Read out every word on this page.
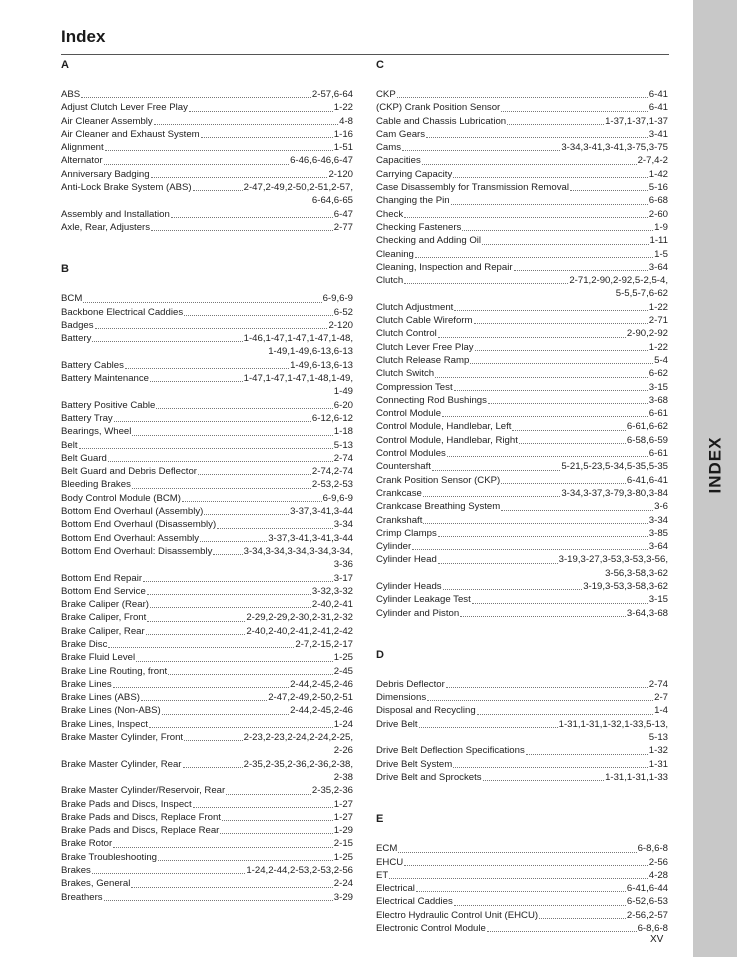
Index
A
ABS	2-57,6-64
Adjust Clutch Lever Free Play	1-22
Air Cleaner Assembly	4-8
Air Cleaner and Exhaust System	1-16
Alignment	1-51
Alternator	6-46,6-46,6-47
Anniversary Badging	2-120
Anti-Lock Brake System (ABS)	2-47,2-49,2-50,2-51,2-57,
6-64,6-65
Assembly and Installation	6-47
Axle, Rear, Adjusters	2-77
B
BCM	6-9,6-9
Backbone Electrical Caddies	6-52
Badges	2-120
Battery	1-46,1-47,1-47,1-47,1-48,
1-49,1-49,6-13,6-13
Battery Cables	1-49,6-13,6-13
Battery Maintenance	1-47,1-47,1-47,1-48,1-49,
1-49
Battery Positive Cable	6-20
Battery Tray	6-12,6-12
Bearings, Wheel	1-18
Belt	5-13
Belt Guard	2-74
Belt Guard and Debris Deflector	2-74,2-74
Bleeding Brakes	2-53,2-53
Body Control Module (BCM)	6-9,6-9
Bottom End Overhaul (Assembly)	3-37,3-41,3-44
Bottom End Overhaul (Disassembly)	3-34
Bottom End Overhaul: Assembly	3-37,3-41,3-41,3-44
Bottom End Overhaul: Disassembly	3-34,3-34,3-34,3-34,3-34,
3-36
Bottom End Repair	3-17
Bottom End Service	3-32,3-32
Brake Caliper (Rear)	2-40,2-41
Brake Caliper, Front	2-29,2-29,2-30,2-31,2-32
Brake Caliper, Rear	2-40,2-40,2-41,2-41,2-42
Brake Disc	2-7,2-15,2-17
Brake Fluid Level	1-25
Brake Line Routing, front	2-45
Brake Lines	2-44,2-45,2-46
Brake Lines (ABS)	2-47,2-49,2-50,2-51
Brake Lines (Non-ABS)	2-44,2-45,2-46
Brake Lines, Inspect	1-24
Brake Master Cylinder, Front	2-23,2-23,2-24,2-24,2-25,
2-26
Brake Master Cylinder, Rear	2-35,2-35,2-36,2-36,2-38,
2-38
Brake Master Cylinder/Reservoir, Rear	2-35,2-36
Brake Pads and Discs, Inspect	1-27
Brake Pads and Discs, Replace Front	1-27
Brake Pads and Discs, Replace Rear	1-29
Brake Rotor	2-15
Brake Troubleshooting	1-25
Brakes	1-24,2-44,2-53,2-53,2-56
Brakes, General	2-24
Breathers	3-29
C
CKP	6-41
(CKP) Crank Position Sensor	6-41
Cable and Chassis Lubrication	1-37,1-37,1-37
Cam Gears	3-41
Cams	3-34,3-41,3-41,3-75,3-75
Capacities	2-7,4-2
Carrying Capacity	1-42
Case Disassembly for Transmission Removal	5-16
Changing the Pin	6-68
Check	2-60
Checking Fasteners	1-9
Checking and Adding Oil	1-11
Cleaning	1-5
Cleaning, Inspection and Repair	3-64
Clutch	2-71,2-90,2-92,5-2,5-4,
5-5,5-7,6-62
Clutch Adjustment	1-22
Clutch Cable Wireform	2-71
Clutch Control	2-90,2-92
Clutch Lever Free Play	1-22
Clutch Release Ramp	5-4
Clutch Switch	6-62
Compression Test	3-15
Connecting Rod Bushings	3-68
Control Module	6-61
Control Module, Handlebar, Left	6-61,6-62
Control Module, Handlebar, Right	6-58,6-59
Control Modules	6-61
Countershaft	5-21,5-23,5-34,5-35,5-35
Crank Position Sensor (CKP)	6-41,6-41
Crankcase	3-34,3-37,3-79,3-80,3-84
Crankcase Breathing System	3-6
Crankshaft	3-34
Crimp Clamps	3-85
Cylinder	3-64
Cylinder Head	3-19,3-27,3-53,3-53,3-56,
3-56,3-58,3-62
Cylinder Heads	3-19,3-53,3-58,3-62
Cylinder Leakage Test	3-15
Cylinder and Piston	3-64,3-68
D
Debris Deflector	2-74
Dimensions	2-7
Disposal and Recycling	1-4
Drive Belt	1-31,1-31,1-32,1-33,5-13,
5-13
Drive Belt Deflection Specifications	1-32
Drive Belt System	1-31
Drive Belt and Sprockets	1-31,1-31,1-33
E
ECM	6-8,6-8
EHCU	2-56
ET	4-28
Electrical	6-41,6-44
Electrical Caddies	6-52,6-53
Electro Hydraulic Control Unit (EHCU)	2-56,2-57
Electronic Control Module	6-8,6-8
INDEX
XV
